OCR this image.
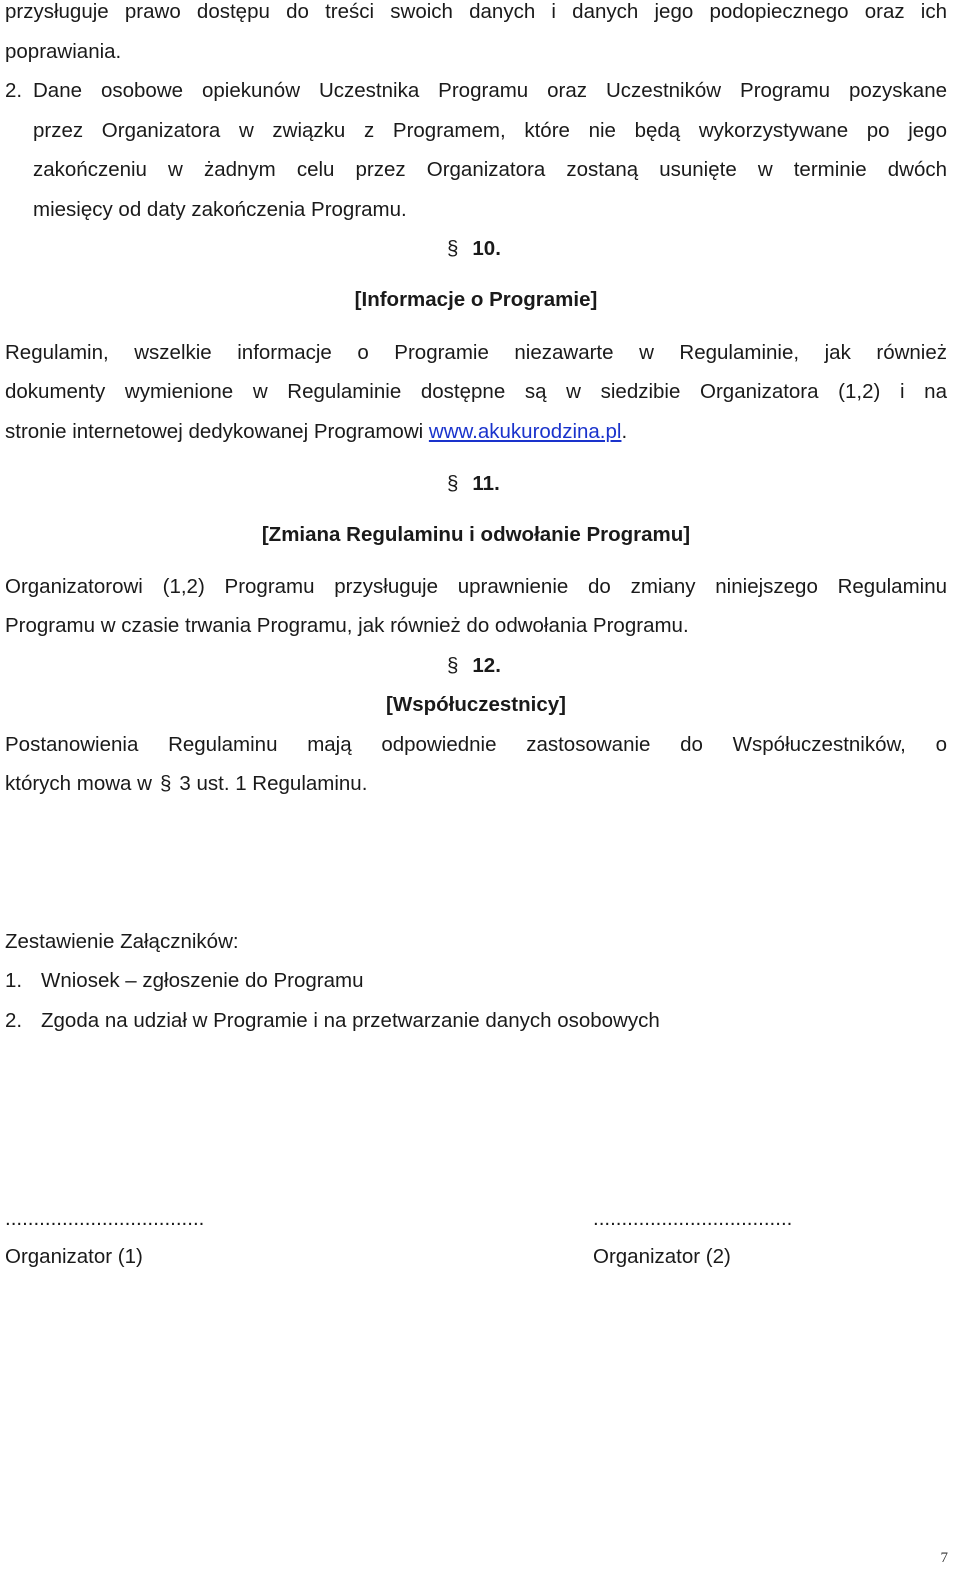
przysługuje prawo dostępu do treści swoich danych i danych jego podopiecznego oraz ich
poprawiania.
2. Dane osobowe opiekunów Uczestnika Programu oraz Uczestników Programu pozyskane
przez Organizatora w związku z Programem, które nie będą wykorzystywane po jego
zakończeniu w żadnym celu przez Organizatora zostaną usunięte w terminie dwóch
miesięcy od daty zakończenia Programu.
§ 10.
[Informacje o Programie]
Regulamin, wszelkie informacje o Programie niezawarte w Regulaminie, jak również
dokumenty wymienione w Regulaminie dostępne są w siedzibie Organizatora (1,2) i na
stronie internetowej dedykowanej Programowi www.akukurodzina.pl.
§ 11.
[Zmiana Regulaminu i odwołanie Programu]
Organizatorowi (1,2) Programu przysługuje uprawnienie do zmiany niniejszego Regulaminu
Programu w czasie trwania Programu, jak również do odwołania Programu.
§ 12.
[Współuczestnicy]
Postanowienia Regulaminu mają odpowiednie zastosowanie do Współuczestników, o
których mowa w § 3 ust. 1 Regulaminu.
Zestawienie Załączników:
1. Wniosek – zgłoszenie do Programu
2. Zgoda na udział w Programie i na przetwarzanie danych osobowych
...................................	...................................
Organizator (1)	Organizator (2)
7
